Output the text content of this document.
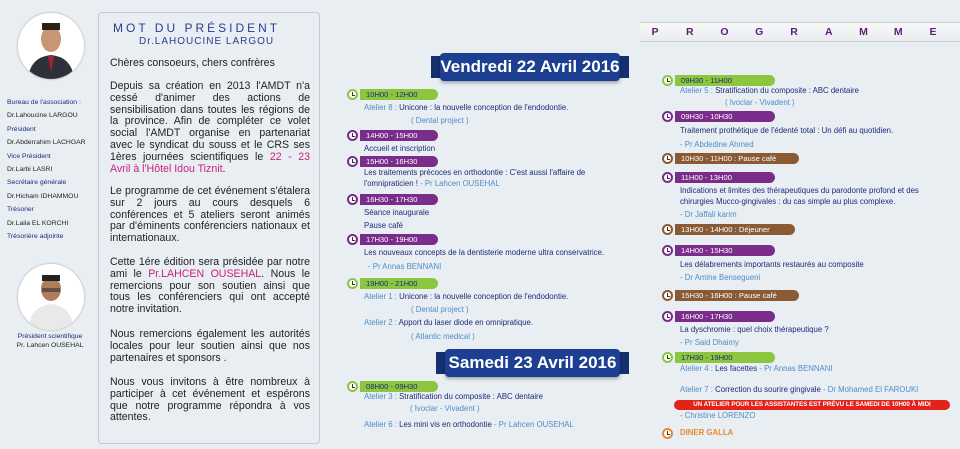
Bureau de l'association :
Dr.Lahoucine LARGOU
Président
Dr.Abderrahim LACHGAR
Vice Président
Dr.Larbi LASRI
Secrétaire générale
Dr.Hicham IDHAMMOU
Trésorier
Dr.Laila EL KORCHI
Trésorière adjointe
Président scientifique
Pr. Lahcen OUSEHAL
MOT DU PRÉSIDENT
Dr.LAHOUCINE LARGOU
Chères consoeurs, chers confrères
Depuis sa création en 2013 l'AMDT n'a cessé d'animer des actions de sensibilisation dans toutes les régions de la province. Afin de compléter ce volet social l'AMDT organise en partenariat avec le syndicat du souss et le CRS ses 1ères journées scientifiques le 22 - 23 Avril à l'Hôtel Idou Tiznit.
Le programme de cet événement s'étalera sur 2 jours au cours desquels 6 conférences et 5 ateliers seront animés par d'éminents conférenciers nationaux et internationaux.
Cette 1ére édition sera présidée par notre ami le Pr.LAHCEN OUSEHAL. Nous le remercions pour son soutien ainsi que tous les conférenciers qui ont accepté notre invitation.
Nous remercions également les autorités locales pour leur soutien ainsi que nos partenaires et sponsors .
Nous vous invitons à être nombreux à participer à cet événement et espérons que notre programme répondra à vos attentes.
P	R	O	G	R	A	M M	E
Vendredi 22 Avril 2016
Samedi 23 Avril 2016
10H00 - 12H00
Atelier 8 : Unicone : la nouvelle conception de l'endodontie.
( Dental project )
14H00 - 15H00
Accueil et inscription
15H00 - 16H30
Les traitements précoces en orthodontie : C'est aussi l'affaire de
l'omnipraticien ! - Pr Lahcen OUSEHAL
16H30 - 17H30
Séance inaugurale
Pause café
17H30 - 19H00
Les nouveaux concepts de la dentisterie moderne ultra conservatrice.
- Pr Annas BENNANI
19H00 - 21H00
Atelier 1 : Unicone : la nouvelle conception de l'endodontie.
( Dental project )
Atelier 2 : Apport du laser diode en omnipratique.
( Atlantic medical )
08H00 - 09H30
Atelier 3 : Stratification du composite : ABC dentaire
( Ivoclar - Vivadent )
Atelier 6 : Les mini vis en orthodontie - Pr Lahcen OUSEHAL
09H30 - 11H00
Atelier 5 : Stratification du composite : ABC dentaire
( Ivoclar - Vivadent )
09H30 - 10H30
Traitement prothétique de l'édenté total : Un défi au quotidien.
- Pr Abdedine Ahmed
10H30 - 11H00 : Pause café
11H00 - 13H00
Indications et limites des thérapeutiques du parodonte profond et des
chirurgies Mucco-gingivales : du cas simple au plus complexe.
- Dr Jaffali karim
13H00 - 14H00 : Déjeuner
14H00 - 15H30
Les délabrements importants restaurés au composite
- Dr Amine Bensegueni
15H30 - 16H00 : Pause café
16H00 - 17H30
La dyschromie : quel choix thérapeutique ?
- Pr Said Dhaimy
17H30 - 19H00
Atelier 4 : Les facettes - Pr Annas BENNANI
Atelier 7 : Correction du sourire gingivale - Dr Mohamed El FAROUKI
UN ATELIER POUR LES ASSISTANTES EST PRÉVU LE SAMEDI DE 10H00 À MIDI
- Christine LORENZO
DINER GALLA
